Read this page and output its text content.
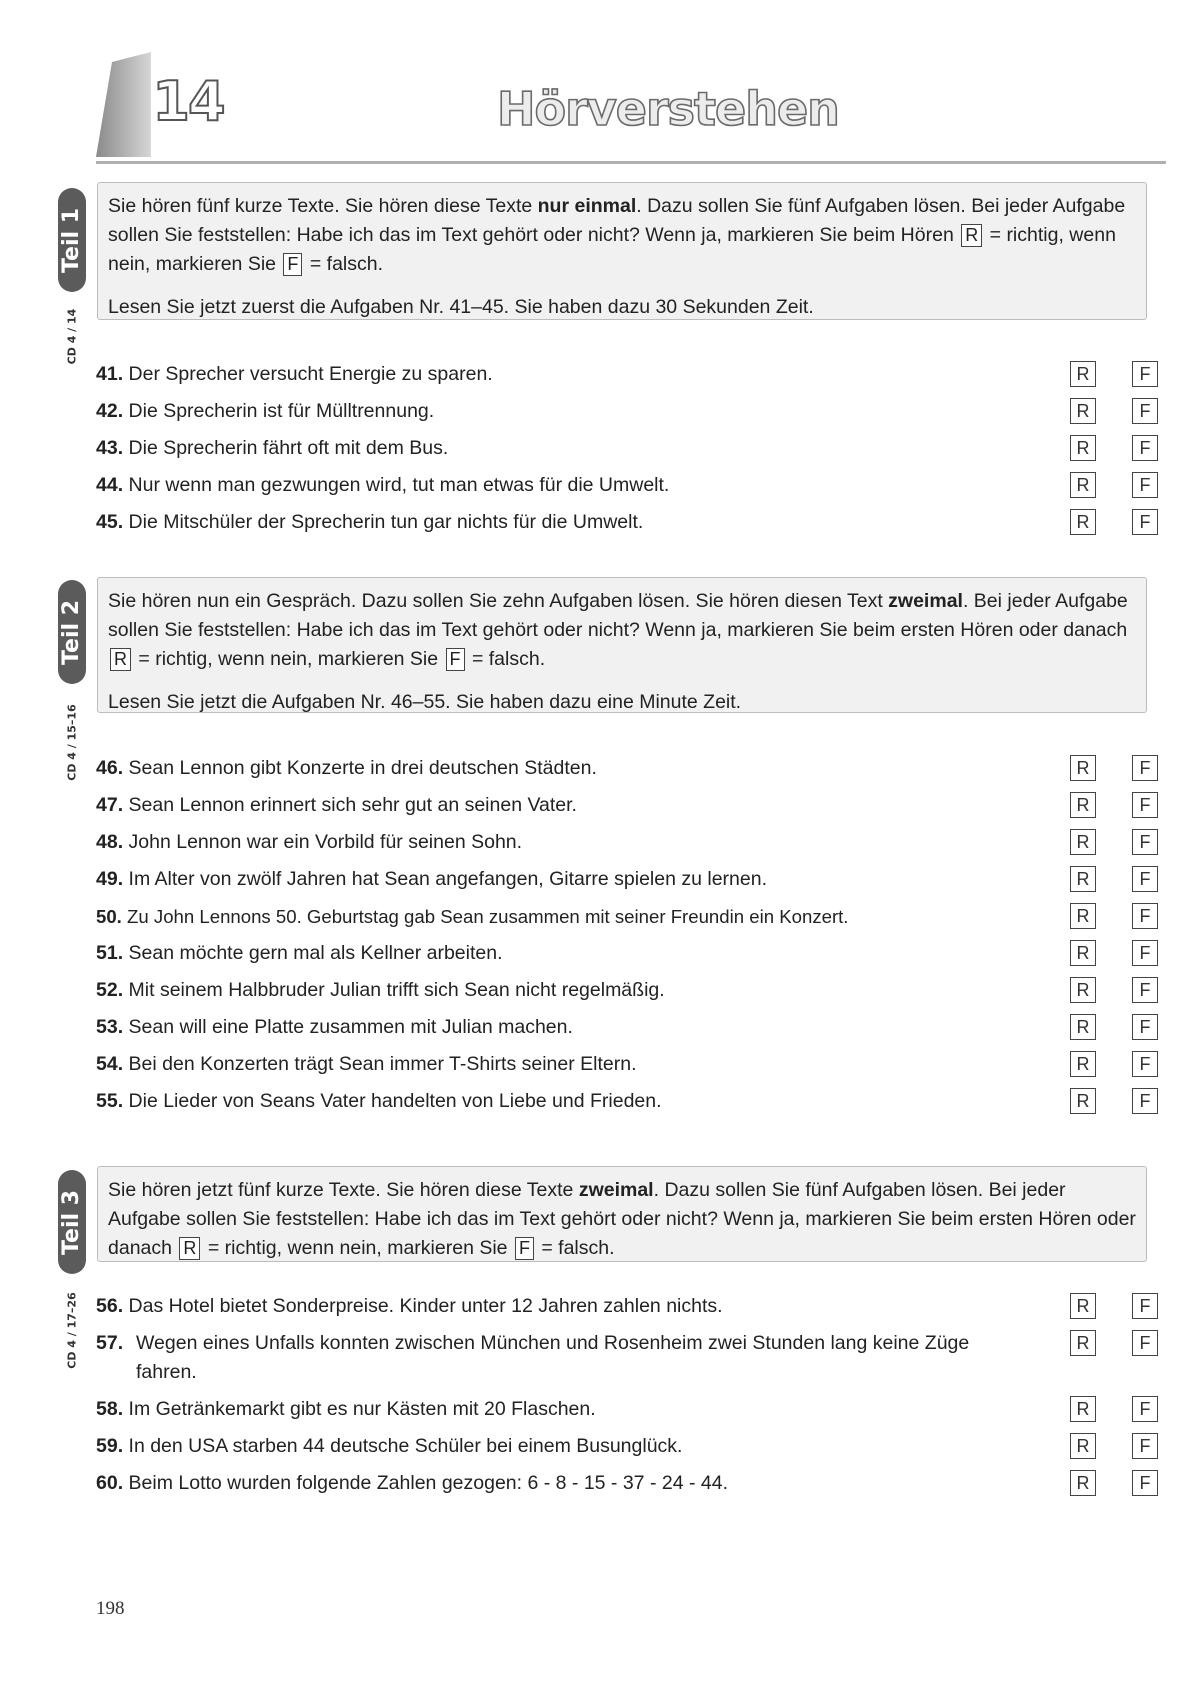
14	Hörverstehen
Teil 1
CD 4 / 14

Sie hören fünf kurze Texte. Sie hören diese Texte nur einmal. Dazu sollen Sie fünf Aufgaben lösen. Bei jeder Aufgabe sollen Sie feststellen: Habe ich das im Text gehört oder nicht? Wenn ja, markieren Sie beim Hören R = richtig, wenn nein, markieren Sie F = falsch.

Lesen Sie jetzt zuerst die Aufgaben Nr. 41–45. Sie haben dazu 30 Sekunden Zeit.

41. Der Sprecher versucht Energie zu sparen.	R	F
42. Die Sprecherin ist für Mülltrennung.	R	F
43. Die Sprecherin fährt oft mit dem Bus.	R	F
44. Nur wenn man gezwungen wird, tut man etwas für die Umwelt.	R	F
45. Die Mitschüler der Sprecherin tun gar nichts für die Umwelt.	R	F
Teil 2
CD 4 / 15–16

Sie hören nun ein Gespräch. Dazu sollen Sie zehn Aufgaben lösen. Sie hören diesen Text zweimal. Bei jeder Aufgabe sollen Sie feststellen: Habe ich das im Text gehört oder nicht? Wenn ja, markieren Sie beim ersten Hören oder danach R = richtig, wenn nein, markieren Sie F = falsch.

Lesen Sie jetzt die Aufgaben Nr. 46–55. Sie haben dazu eine Minute Zeit.

46. Sean Lennon gibt Konzerte in drei deutschen Städten.	R	F
47. Sean Lennon erinnert sich sehr gut an seinen Vater.	R	F
48. John Lennon war ein Vorbild für seinen Sohn.	R	F
49. Im Alter von zwölf Jahren hat Sean angefangen, Gitarre spielen zu lernen.	R	F
50. Zu John Lennons 50. Geburtstag gab Sean zusammen mit seiner Freundin ein Konzert.	R	F
51. Sean möchte gern mal als Kellner arbeiten.	R	F
52. Mit seinem Halbbruder Julian trifft sich Sean nicht regelmäßig.	R	F
53. Sean will eine Platte zusammen mit Julian machen.	R	F
54. Bei den Konzerten trägt Sean immer T-Shirts seiner Eltern.	R	F
55. Die Lieder von Seans Vater handelten von Liebe und Frieden.	R	F
Teil 3
CD 4 / 17–26

Sie hören jetzt fünf kurze Texte. Sie hören diese Texte zweimal. Dazu sollen Sie fünf Aufgaben lösen. Bei jeder Aufgabe sollen Sie feststellen: Habe ich das im Text gehört oder nicht? Wenn ja, markieren Sie beim ersten Hören oder danach R = richtig, wenn nein, markieren Sie F = falsch.

56. Das Hotel bietet Sonderpreise. Kinder unter 12 Jahren zahlen nichts.	R	F
57. Wegen eines Unfalls konnten zwischen München und Rosenheim zwei Stunden lang keine Züge fahren.
R	F
58. Im Getränkemarkt gibt es nur Kästen mit 20 Flaschen.	R	F
59. In den USA starben 44 deutsche Schüler bei einem Busunglück.	R	F
60. Beim Lotto wurden folgende Zahlen gezogen: 6 - 8 - 15 - 37 - 24 - 44.	R	F
198
